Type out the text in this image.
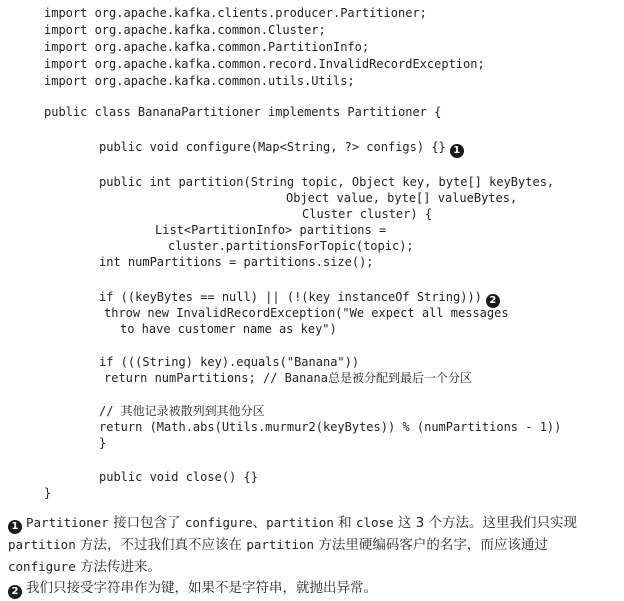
import org.apache.kafka.clients.producer.Partitioner;
import org.apache.kafka.common.Cluster;
import org.apache.kafka.common.PartitionInfo;
import org.apache.kafka.common.record.InvalidRecordException;
import org.apache.kafka.common.utils.Utils;
public class BananaPartitioner implements Partitioner {
public void configure(Map<String, ?> configs) {} 1
public int partition(String topic, Object key, byte[] keyBytes,
Object value, byte[] valueBytes,
Cluster cluster) {
List<PartitionInfo> partitions =
cluster.partitionsForTopic(topic);
int numPartitions = partitions.size();
if ((keyBytes == null) || (!(key instanceOf String))) 2
throw new InvalidRecordException("We expect all messages
to have customer name as key")
if (((String) key).equals("Banana"))
return numPartitions; // Banana总是被分配到最后一个分区
// 其他记录被散列到其他分区
return (Math.abs(Utils.murmur2(keyBytes)) % (numPartitions - 1))
}
public void close() {}
}
1 Partitioner 接口包含了 configure、partition 和 close 这 3 个方法。这里我们只实现 partition 方法，不过我们真不应该在 partition 方法里硬编码客户的名字，而应该通过 configure 方法传进来。
2 我们只接受字符串作为键，如果不是字符串，就抛出异常。
